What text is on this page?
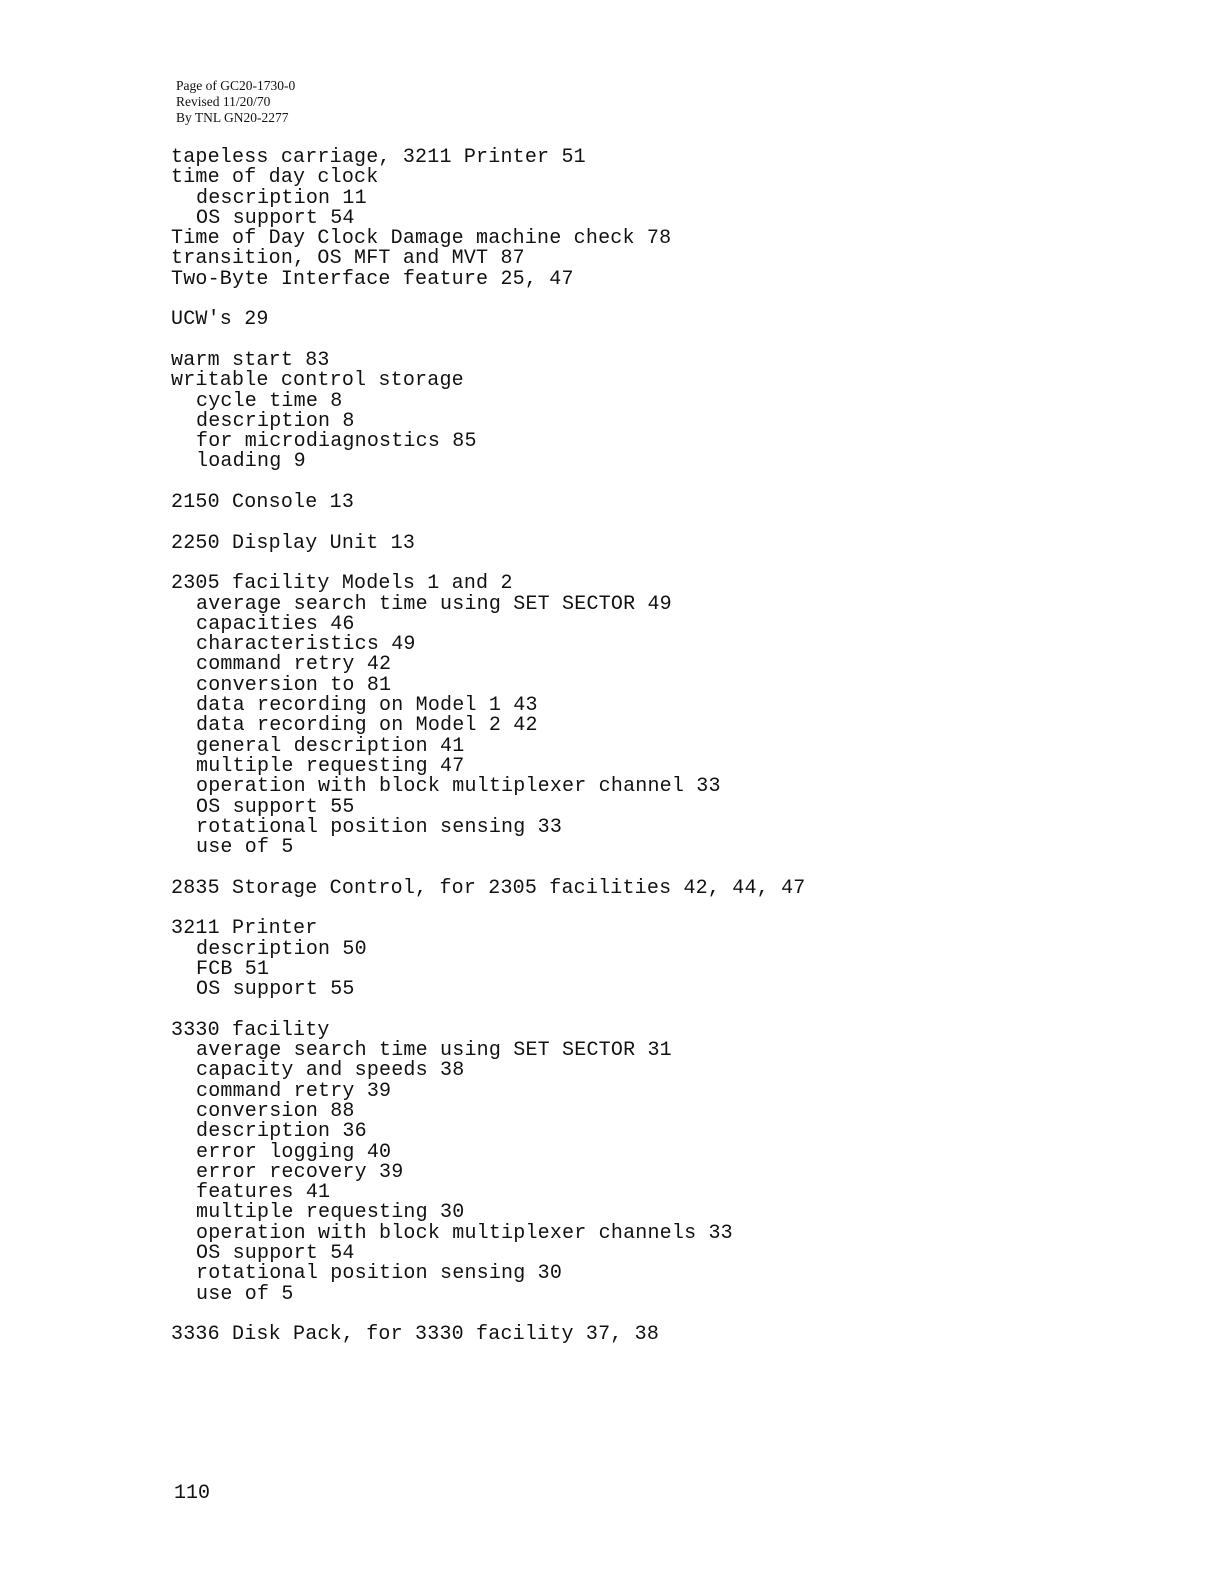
Page of GC20-1730-0
Revised 11/20/70
By TNL GN20-2277
tapeless carriage, 3211 Printer 51
time of day clock
description 11
OS support 54
Time of Day Clock Damage machine check 78
transition, OS MFT and MVT 87
Two-Byte Interface feature 25, 47
UCW's 29
warm start 83
writable control storage
cycle time 8
description 8
for microdiagnostics 85
loading 9
2150 Console 13
2250 Display Unit 13
2305 facility Models 1 and 2
average search time using SET SECTOR 49
capacities 46
characteristics 49
command retry 42
conversion to 81
data recording on Model 1 43
data recording on Model 2 42
general description 41
multiple requesting 47
operation with block multiplexer channel 33
OS support 55
rotational position sensing 33
use of 5
2835 Storage Control, for 2305 facilities 42, 44, 47
3211 Printer
description 50
FCB 51
OS support 55
3330 facility
average search time using SET SECTOR 31
capacity and speeds 38
command retry 39
conversion 88
description 36
error logging 40
error recovery 39
features 41
multiple requesting 30
operation with block multiplexer channels 33
OS support 54
rotational position sensing 30
use of 5
3336 Disk Pack, for 3330 facility 37, 38
110
